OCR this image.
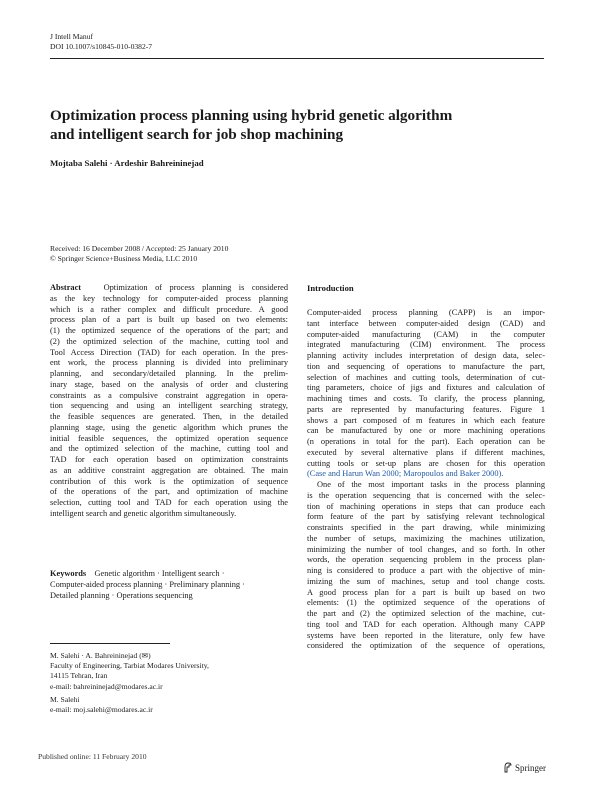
J Intell Manuf
DOI 10.1007/s10845-010-0382-7
Optimization process planning using hybrid genetic algorithm
and intelligent search for job shop machining
Mojtaba Salehi · Ardeshir Bahreininejad
Received: 16 December 2008 / Accepted: 25 January 2010
© Springer Science+Business Media, LLC 2010
Abstract	Optimization of process planning is considered
as the key technology for computer-aided process planning
which is a rather complex and difficult procedure. A good
process plan of a part is built up based on two elements:
(1) the optimized sequence of the operations of the part; and
(2) the optimized selection of the machine, cutting tool and
Tool Access Direction (TAD) for each operation. In the pres-
ent work, the process planning is divided into preliminary
planning, and secondary/detailed planning. In the prelim-
inary stage, based on the analysis of order and clustering
constraints as a compulsive constraint aggregation in opera-
tion sequencing and using an intelligent searching strategy,
the feasible sequences are generated. Then, in the detailed
planning stage, using the genetic algorithm which prunes the
initial feasible sequences, the optimized operation sequence
and the optimized selection of the machine, cutting tool and
TAD for each operation based on optimization constraints
as an additive constraint aggregation are obtained. The main
contribution of this work is the optimization of sequence
of the operations of the part, and optimization of machine
selection, cutting tool and TAD for each operation using the
intelligent search and genetic algorithm simultaneously.
Keywords Genetic algorithm · Intelligent search ·
Computer-aided process planning · Preliminary planning ·
Detailed planning · Operations sequencing
M. Salehi · A. Bahreininejad (✉)
Faculty of Engineering, Tarbiat Modares University,
14115 Tehran, Iran
e-mail: bahreininejad@modares.ac.ir
M. Salehi
e-mail: moj.salehi@modares.ac.ir
Introduction
Computer-aided process planning (CAPP) is an impor-
tant interface between computer-aided design (CAD) and
computer-aided manufacturing (CAM) in the computer
integrated manufacturing (CIM) environment. The process
planning activity includes interpretation of design data, selec-
tion and sequencing of operations to manufacture the part,
selection of machines and cutting tools, determination of cut-
ting parameters, choice of jigs and fixtures and calculation of
machining times and costs. To clarify, the process planning,
parts are represented by manufacturing features. Figure 1
shows a part composed of m features in which each feature
can be manufactured by one or more machining operations
(n operations in total for the part). Each operation can be
executed by several alternative plans if different machines,
cutting tools or set-up plans are chosen for this operation
(Case and Harun Wan 2000; Maropoulos and Baker 2000).
One of the most important tasks in the process planning
is the operation sequencing that is concerned with the selec-
tion of machining operations in steps that can produce each
form feature of the part by satisfying relevant technological
constraints specified in the part drawing, while minimizing
the number of setups, maximizing the machines utilization,
minimizing the number of tool changes, and so forth. In other
words, the operation sequencing problem in the process plan-
ning is considered to produce a part with the objective of min-
imizing the sum of machines, setup and tool change costs.
A good process plan for a part is built up based on two
elements: (1) the optimized sequence of the operations of
the part and (2) the optimized selection of the machine, cut-
ting tool and TAD for each operation. Although many CAPP
systems have been reported in the literature, only few have
considered the optimization of the sequence of operations,
Published online: 11 February 2010
Springer
